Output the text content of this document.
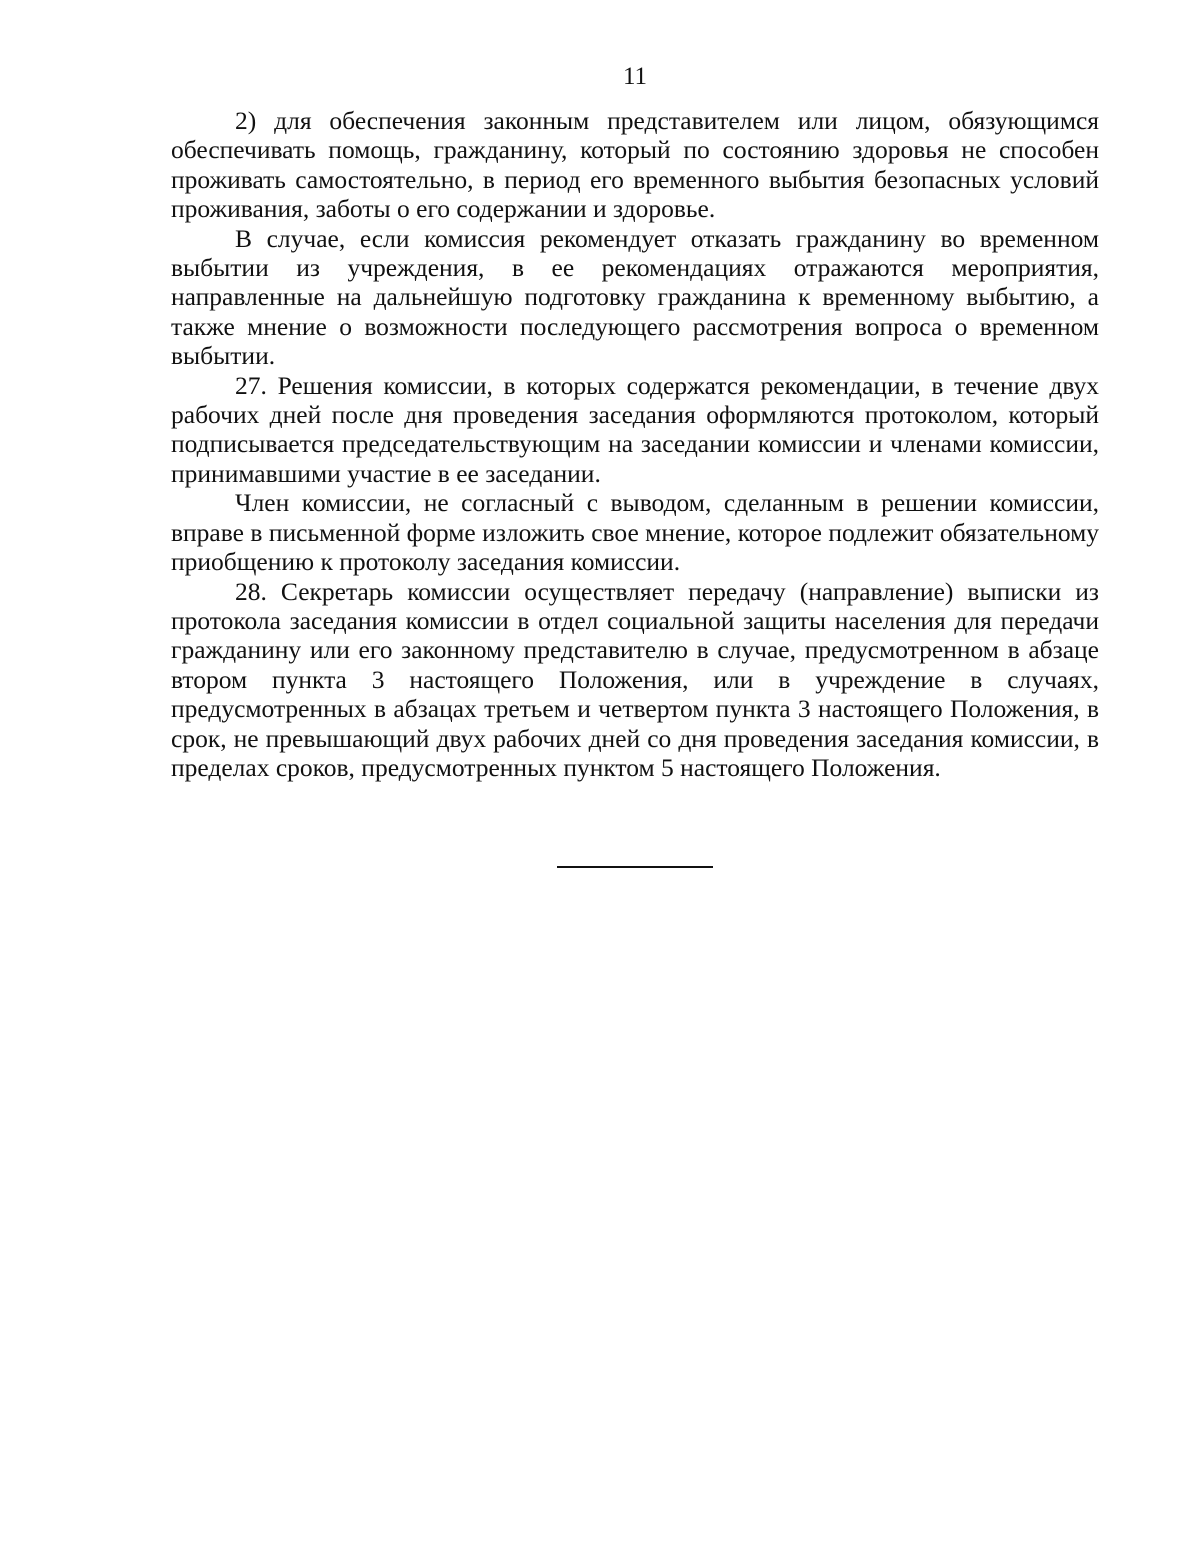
11

2) для обеспечения законным представителем или лицом, обязующимся обеспечивать помощь, гражданину, который по состоянию здоровья не способен проживать самостоятельно, в период его временного выбытия безопасных условий проживания, заботы о его содержании и здоровье.

В случае, если комиссия рекомендует отказать гражданину во временном выбытии из учреждения, в ее рекомендациях отражаются мероприятия, направленные на дальнейшую подготовку гражданина к временному выбытию, а также мнение о возможности последующего рассмотрения вопроса о временном выбытии.

27. Решения комиссии, в которых содержатся рекомендации, в течение двух рабочих дней после дня проведения заседания оформляются протоколом, который подписывается председательствующим на заседании комиссии и членами комиссии, принимавшими участие в ее заседании.

Член комиссии, не согласный с выводом, сделанным в решении комиссии, вправе в письменной форме изложить свое мнение, которое подлежит обязательному приобщению к протоколу заседания комиссии.

28. Секретарь комиссии осуществляет передачу (направление) выписки из протокола заседания комиссии в отдел социальной защиты населения для передачи гражданину или его законному представителю в случае, предусмотренном в абзаце втором пункта 3 настоящего Положения, или в учреждение в случаях, предусмотренных в абзацах третьем и четвертом пункта 3 настоящего Положения, в срок, не превышающий двух рабочих дней со дня проведения заседания комиссии, в пределах сроков, предусмотренных пунктом 5 настоящего Положения.
